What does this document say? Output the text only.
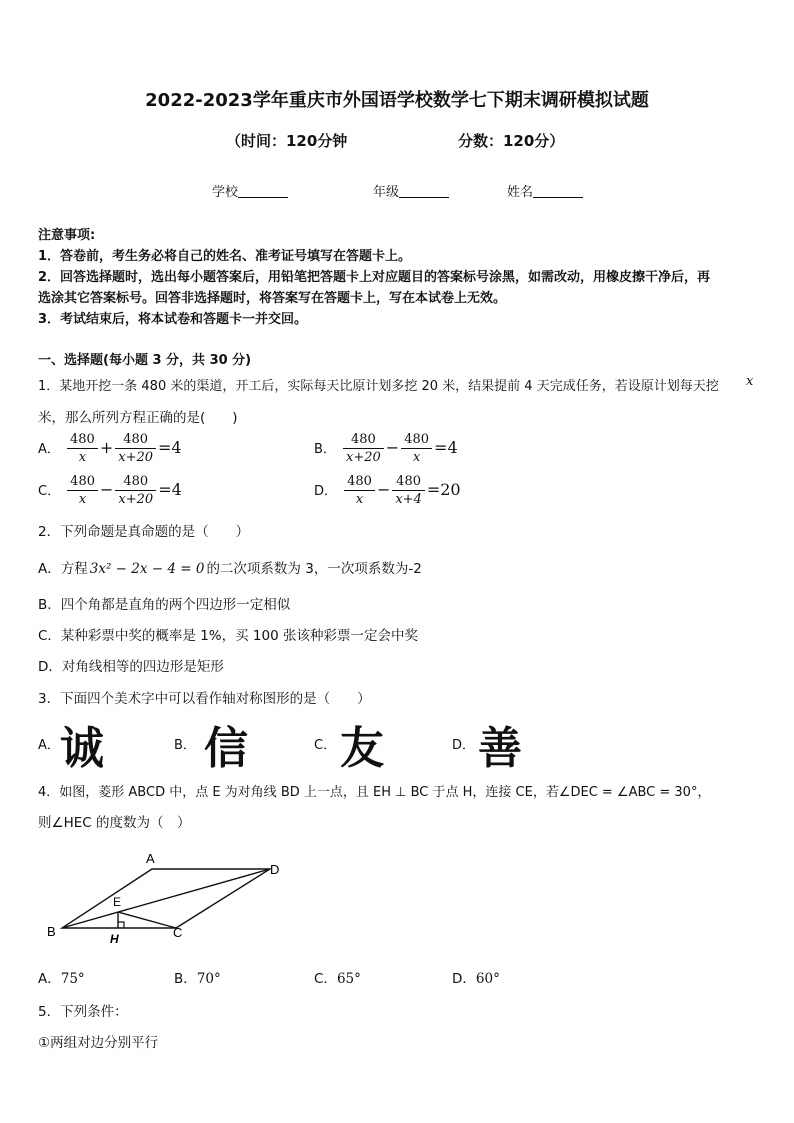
2022-2023学年重庆市外国语学校数学七下期末调研模拟试题
（时间：120分钟	分数：120分）
学校	年级	姓名
注意事项:
1．答卷前，考生务必将自己的姓名、准考证号填写在答题卡上。
2．回答选择题时，选出每小题答案后，用铅笔把答题卡上对应题目的答案标号涂黑，如需改动，用橡皮擦干净后，再
选涂其它答案标号。回答非选择题时，将答案写在答题卡上，写在本试卷上无效。
3．考试结束后，将本试卷和答题卡一并交回。
一、选择题(每小题 3 分，共 30 分)
1．某地开挖一条 480 米的渠道，开工后，实际每天比原计划多挖 20 米，结果提前 4 天完成任务，若设原计划每天挖 x
米，那么所列方程正确的是(　　)
A． $\frac{480}{x} + \frac{480}{x+20} =4$	B． $\frac{480}{x+20} - \frac{480}{x} =4$
C． $\frac{480}{x} - \frac{480}{x+20} =4$	D． $\frac{480}{x} - \frac{480}{x+4} =20$
2．下列命题是真命题的是（　　）
A．方程 3x² − 2x − 4 = 0 的二次项系数为 3，一次项系数为-2
B．四个角都是直角的两个四边形一定相似
C．某种彩票中奖的概率是 1%，买 100 张该种彩票一定会中奖
D．对角线相等的四边形是矩形
3．下面四个美术字中可以看作轴对称图形的是（　　）
A． 诚	B． 信	C． 友	D． 善
4．如图，菱形 ABCD 中，点 E 为对角线 BD 上一点，且 EH ⊥ BC 于点 H，连接 CE，若∠DEC = ∠ABC = 30°，
则∠HEC 的度数为（　）
A
B	C
D
E
H
A．75°	B．70°	C．65°	D．60°
5．下列条件：
①两组对边分别平行
